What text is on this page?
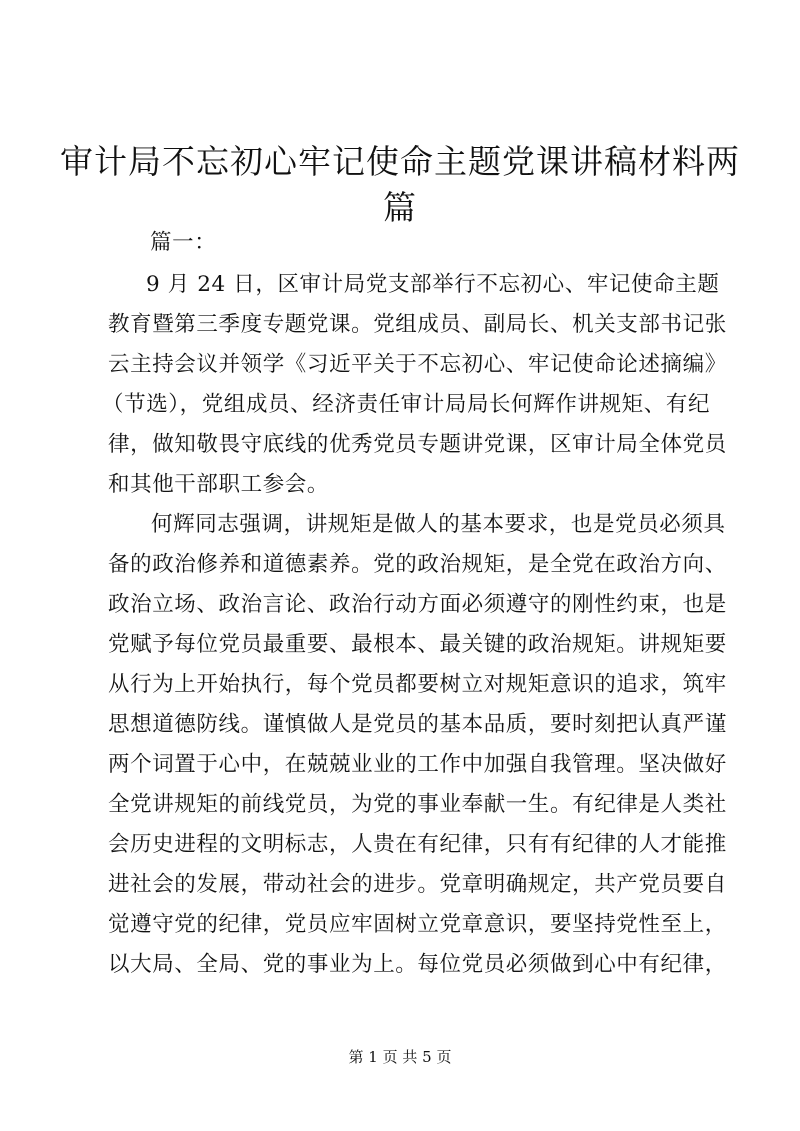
审计局不忘初心牢记使命主题党课讲稿材料两
篇
篇一：
9 月 24 日，区审计局党支部举行不忘初心、牢记使命主题
教育暨第三季度专题党课。党组成员、副局长、机关支部书记张
云主持会议并领学《习近平关于不忘初心、牢记使命论述摘编》
（节选），党组成员、经济责任审计局局长何辉作讲规矩、有纪
律，做知敬畏守底线的优秀党员专题讲党课，区审计局全体党员
和其他干部职工参会。
何辉同志强调，讲规矩是做人的基本要求，也是党员必须具
备的政治修养和道德素养。党的政治规矩，是全党在政治方向、
政治立场、政治言论、政治行动方面必须遵守的刚性约束，也是
党赋予每位党员最重要、最根本、最关键的政治规矩。讲规矩要
从行为上开始执行，每个党员都要树立对规矩意识的追求，筑牢
思想道德防线。谨慎做人是党员的基本品质，要时刻把认真严谨
两个词置于心中，在兢兢业业的工作中加强自我管理。坚决做好
全党讲规矩的前线党员，为党的事业奉献一生。有纪律是人类社
会历史进程的文明标志，人贵在有纪律，只有有纪律的人才能推
进社会的发展，带动社会的进步。党章明确规定，共产党员要自
觉遵守党的纪律，党员应牢固树立党章意识，要坚持党性至上，
以大局、全局、党的事业为上。每位党员必须做到心中有纪律，
第 1 页 共 5 页
